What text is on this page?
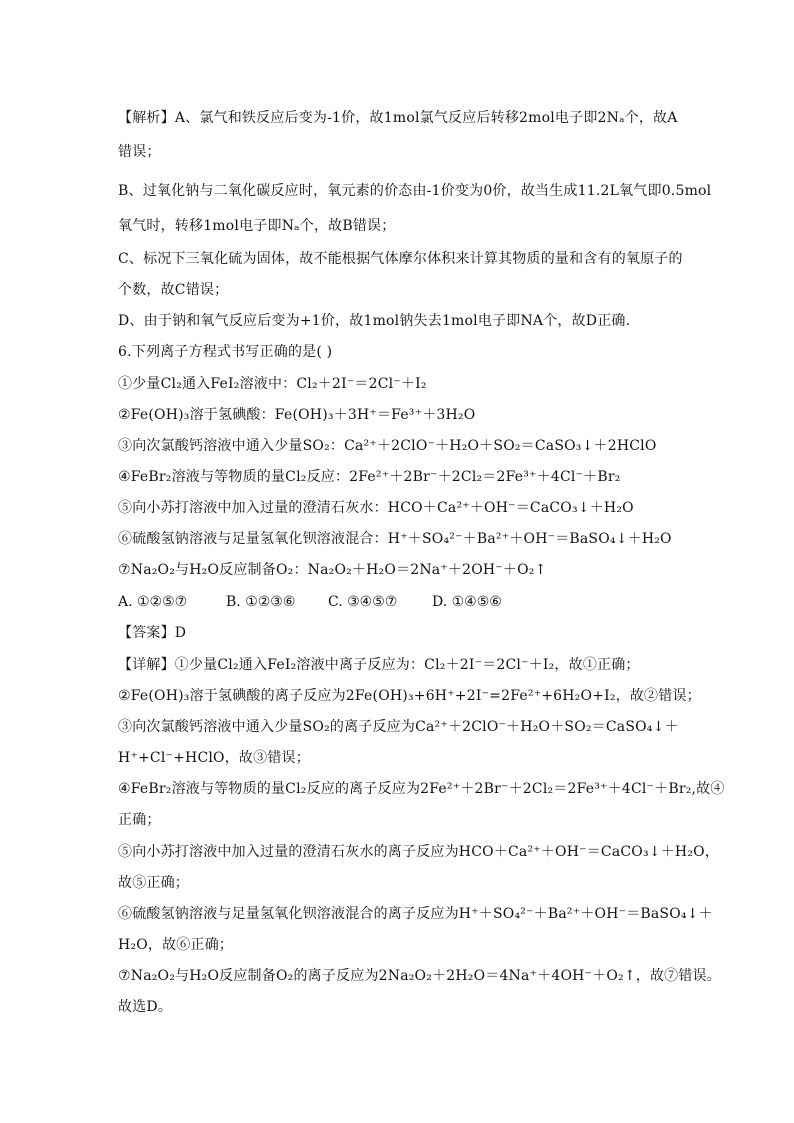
【解析】A、氯气和铁反应后变为-1价，故1mol氯气反应后转移2mol电子即2Nₐ个，故A
错误；
B、过氧化钠与二氧化碳反应时，氧元素的价态由-1价变为0价，故当生成11.2L氧气即0.5mol
氧气时，转移1mol电子即Nₐ个，故B错误；
C、标况下三氧化硫为固体，故不能根据气体摩尔体积来计算其物质的量和含有的氧原子的
个数，故C错误；
D、由于钠和氧气反应后变为+1价，故1mol钠失去1mol电子即NA个，故D正确.
6.下列离子方程式书写正确的是( )
①少量Cl₂通入FeI₂溶液中：Cl₂＋2I⁻＝2Cl⁻＋I₂
②Fe(OH)₃溶于氢碘酸：Fe(OH)₃＋3H⁺＝Fe³⁺＋3H₂O
③向次氯酸钙溶液中通入少量SO₂：Ca²⁺＋2ClO⁻＋H₂O＋SO₂＝CaSO₃↓＋2HClO
④FeBr₂溶液与等物质的量Cl₂反应：2Fe²⁺＋2Br⁻＋2Cl₂＝2Fe³⁺＋4Cl⁻＋Br₂
⑤向小苏打溶液中加入过量的澄清石灰水：HCO＋Ca²⁺＋OH⁻＝CaCO₃↓＋H₂O
⑥硫酸氢钠溶液与足量氢氧化钡溶液混合：H⁺＋SO₄²⁻＋Ba²⁺＋OH⁻＝BaSO₄↓＋H₂O
⑦Na₂O₂与H₂O反应制备O₂：Na₂O₂＋H₂O＝2Na⁺＋2OH⁻＋O₂↑
A. ①②⑤⑦	B. ①②③⑥ C. ③④⑤⑦ D. ①④⑤⑥
【答案】D
【详解】①少量Cl₂通入FeI₂溶液中离子反应为：Cl₂＋2I⁻＝2Cl⁻＋I₂，故①正确；
②Fe(OH)₃溶于氢碘酸的离子反应为2Fe(OH)₃+6H⁺+2I⁻=2Fe²⁺+6H₂O+I₂，故②错误；
③向次氯酸钙溶液中通入少量SO₂的离子反应为Ca²⁺＋2ClO⁻＋H₂O＋SO₂＝CaSO₄↓＋
H⁺+Cl⁻+HClO，故③错误；
④FeBr₂溶液与等物质的量Cl₂反应的离子反应为2Fe²⁺＋2Br⁻＋2Cl₂＝2Fe³⁺＋4Cl⁻＋Br₂,故④
正确；
⑤向小苏打溶液中加入过量的澄清石灰水的离子反应为HCO＋Ca²⁺＋OH⁻＝CaCO₃↓＋H₂O，
故⑤正确；
⑥硫酸氢钠溶液与足量氢氧化钡溶液混合的离子反应为H⁺＋SO₄²⁻＋Ba²⁺＋OH⁻＝BaSO₄↓＋
H₂O，故⑥正确；
⑦Na₂O₂与H₂O反应制备O₂的离子反应为2Na₂O₂＋2H₂O＝4Na⁺＋4OH⁻＋O₂↑，故⑦错误。
故选D。
